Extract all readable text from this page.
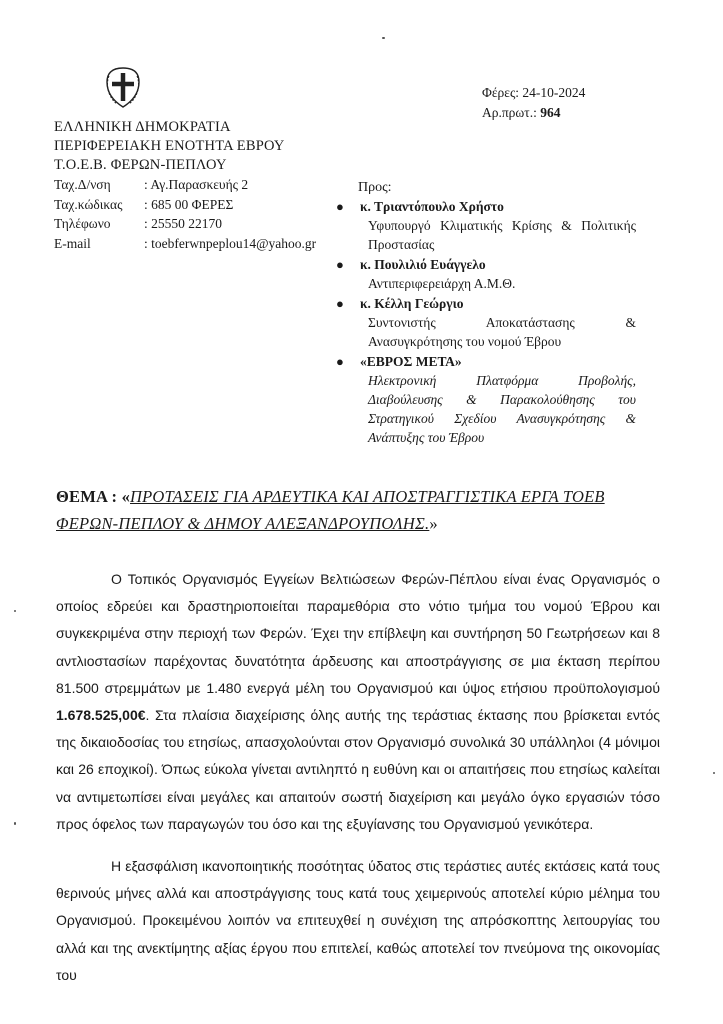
ΕΛΛΗΝΙΚΗ ΔΗΜΟΚΡΑΤΙΑ
ΠΕΡΙΦΕΡΕΙΑΚΗ ΕΝΟΤΗΤΑ ΕΒΡΟΥ
Τ.Ο.Ε.Β. ΦΕΡΩΝ-ΠΕΠΛΟΥ
Ταχ.Δ/νση	: Αγ.Παρασκευής 2
Ταχ.κώδικας	: 685 00 ΦΕΡΕΣ
Τηλέφωνο	: 25550 22170
E-mail	: toebferwnpeplou14@yahoo.gr
Φέρες: 24-10-2024
Αρ.πρωτ.: 964
Προς:
● κ. Τριαντόπουλο Χρήστο
Υφυπουργό Κλιματικής Κρίσης & Πολιτικής Προστασίας
● κ. Πουλιλιό Ευάγγελο
Αντιπεριφερειάρχη Α.Μ.Θ.
● κ. Κέλλη Γεώργιο
Συντονιστής Αποκατάστασης & Ανασυγκρότησης του νομού Έβρου
● «ΕΒΡΟΣ ΜΕΤΑ»
Ηλεκτρονική Πλατφόρμα Προβολής, Διαβούλευσης & Παρακολούθησης του Στρατηγικού Σχεδίου Ανασυγκρότησης & Ανάπτυξης του Έβρου
ΘΕΜΑ : «ΠΡΟΤΑΣΕΙΣ ΓΙΑ ΑΡΔΕΥΤΙΚΑ ΚΑΙ ΑΠΟΣΤΡΑΓΓΙΣΤΙΚΑ ΕΡΓΑ ΤΟΕΒ ΦΕΡΩΝ-ΠΕΠΛΟΥ & ΔΗΜΟΥ ΑΛΕΞΑΝΔΡΟΥΠΟΛΗΣ.»

Ο Τοπικός Οργανισμός Εγγείων Βελτιώσεων Φερών-Πέπλου είναι ένας Οργανισμός ο οποίος εδρεύει και δραστηριοποιείται παραμεθόρια στο νότιο τμήμα του νομού Έβρου και συγκεκριμένα στην περιοχή των Φερών. Έχει την επίβλεψη και συντήρηση 50 Γεωτρήσεων και 8 αντλιοστασίων παρέχοντας δυνατότητα άρδευσης και αποστράγγισης σε μια έκταση περίπου 81.500 στρεμμάτων με 1.480 ενεργά μέλη του Οργανισμού και ύψος ετήσιου προϋπολογισμού 1.678.525,00€. Στα πλαίσια διαχείρισης όλης αυτής της τεράστιας έκτασης που βρίσκεται εντός της δικαιοδοσίας του ετησίως, απασχολούνται στον Οργανισμό συνολικά 30 υπάλληλοι (4 μόνιμοι και 26 εποχικοί). Όπως εύκολα γίνεται αντιληπτό η ευθύνη και οι απαιτήσεις που ετησίως καλείται να αντιμετωπίσει είναι μεγάλες και απαιτούν σωστή διαχείριση και μεγάλο όγκο εργασιών τόσο προς όφελος των παραγωγών του όσο και της εξυγίανσης του Οργανισμού γενικότερα.

Η εξασφάλιση ικανοποιητικής ποσότητας ύδατος στις τεράστιες αυτές εκτάσεις κατά τους θερινούς μήνες αλλά και αποστράγγισης τους κατά τους χειμερινούς αποτελεί κύριο μέλημα του Οργανισμού. Προκειμένου λοιπόν να επιτευχθεί η συνέχιση της απρόσκοπτης λειτουργίας του αλλά και της ανεκτίμητης αξίας έργου που επιτελεί, καθώς αποτελεί τον πνεύμονα της οικονομίας του
